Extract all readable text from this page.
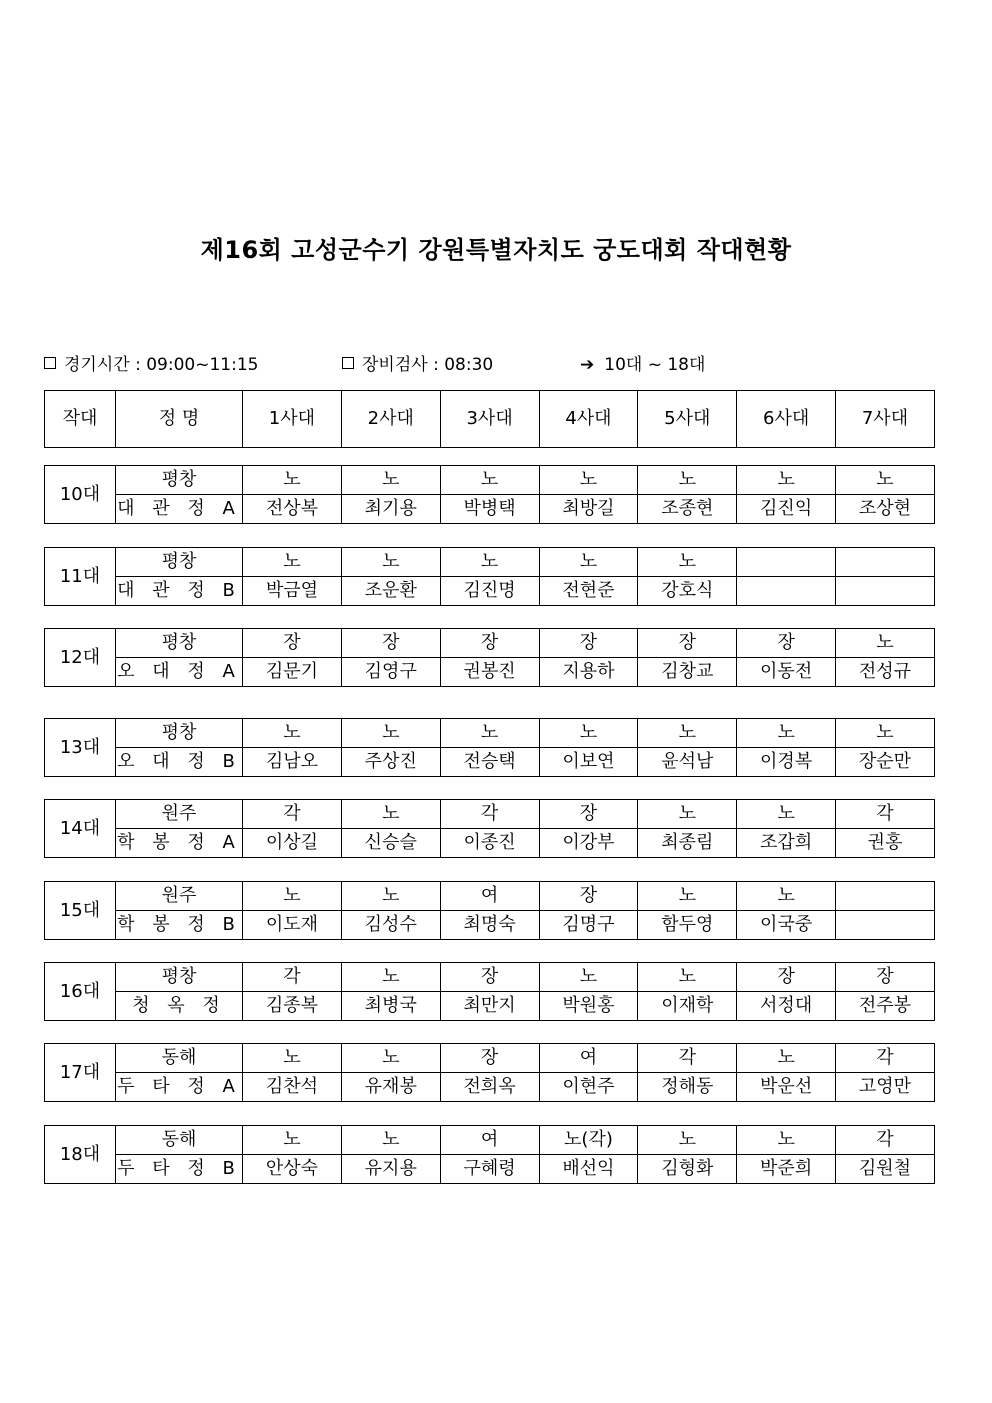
제16회 고성군수기 강원특별자치도 궁도대회 작대현황
경기시간 : 09:00~11:15	장비검사 : 08:30	➔ 10대 ~ 18대
작대	정 명	1사대	2사대	3사대	4사대	5사대	6사대	7사대
10대	평창	노	노	노	노	노	노	노
	대 관 정 A	전상복	최기용	박병택	최방길	조종현	김진익	조상현
11대	평창	노	노	노	노	노		
	대 관 정 B	박금열	조운환	김진명	전현준	강호식		
12대	평창	장	장	장	장	장	장	노
	오 대 정 A	김문기	김영구	권봉진	지용하	김창교	이동전	전성규
13대	평창	노	노	노	노	노	노	노
	오 대 정 B	김남오	주상진	전승택	이보연	윤석남	이경복	장순만
14대	원주	각	노	각	장	노	노	각
	학 봉 정 A	이상길	신승슬	이종진	이강부	최종림	조갑희	권홍
15대	원주	노	노	여	장	노	노	
	학 봉 정 B	이도재	김성수	최명숙	김명구	함두영	이국중	
16대	평창	각	노	장	노	노	장	장
	청 옥 정	김종복	최병국	최만지	박원홍	이재학	서정대	전주봉
17대	동해	노	노	장	여	각	노	각
	두 타 정 A	김찬석	유재봉	전희옥	이현주	정해동	박운선	고영만
18대	동해	노	노	여	노(각)	노	노	각
	두 타 정 B	안상숙	유지용	구혜령	배선익	김형화	박준희	김원철
